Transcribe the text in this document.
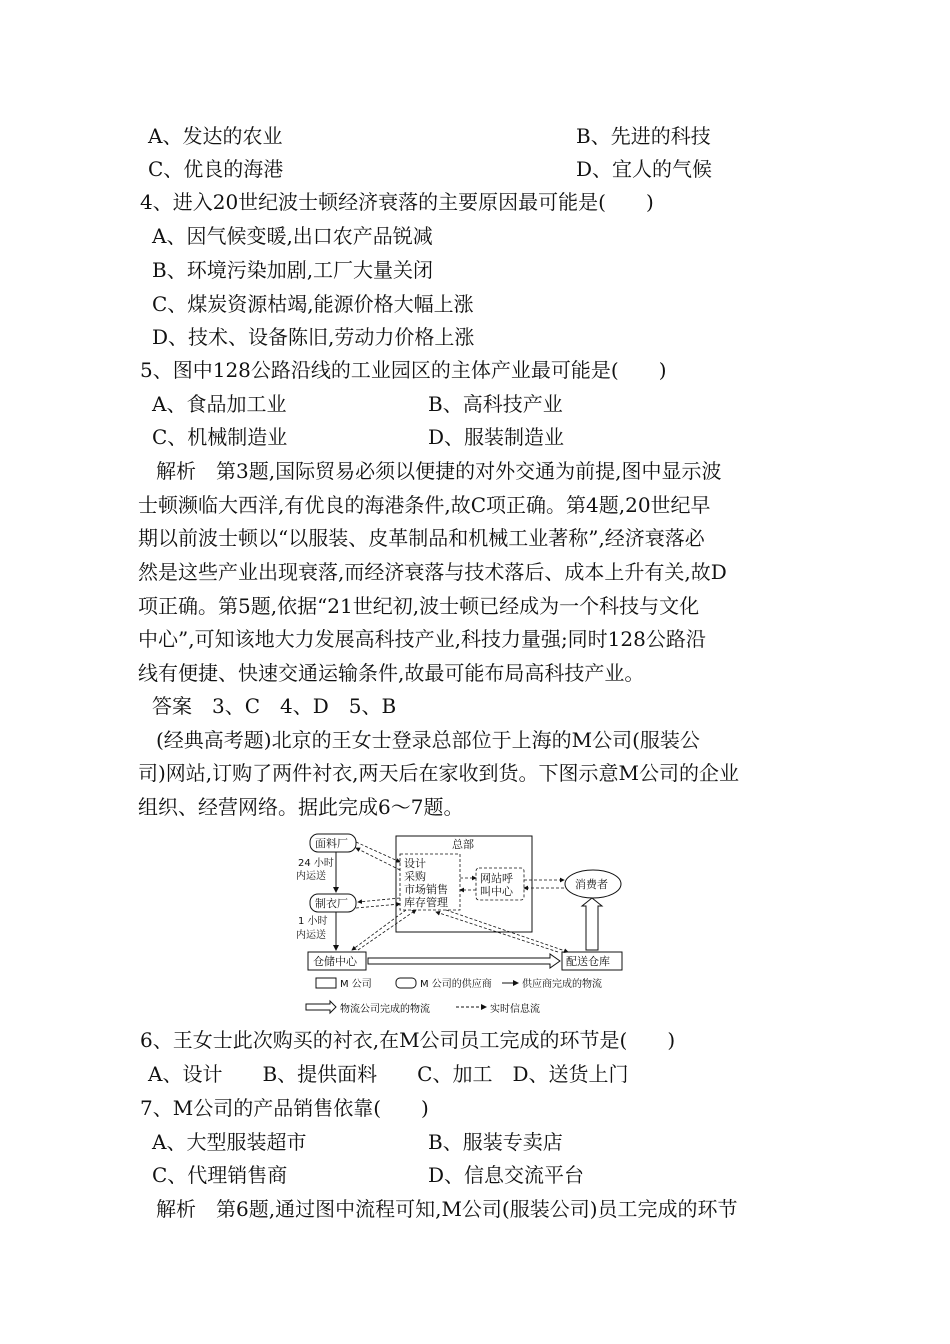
A、发达的农业	B、先进的科技
C、优良的海港	D、宜人的气候
4、进入20世纪波士顿经济衰落的主要原因最可能是(　　)
A、因气候变暖,出口农产品锐减
B、环境污染加剧,工厂大量关闭
C、煤炭资源枯竭,能源价格大幅上涨
D、技术、设备陈旧,劳动力价格上涨
5、图中128公路沿线的工业园区的主体产业最可能是(　　)
A、食品加工业	B、高科技产业
C、机械制造业	D、服装制造业
解析　第3题,国际贸易必须以便捷的对外交通为前提,图中显示波
士顿濒临大西洋,有优良的海港条件,故C项正确。第4题,20世纪早
期以前波士顿以“以服装、皮革制品和机械工业著称”,经济衰落必
然是这些产业出现衰落,而经济衰落与技术落后、成本上升有关,故D
项正确。第5题,依据“21世纪初,波士顿已经成为一个科技与文化
中心”,可知该地大力发展高科技产业,科技力量强;同时128公路沿
线有便捷、快速交通运输条件,故最可能布局高科技产业。
答案　3、C　4、D　5、B
(经典高考题)北京的王女士登录总部位于上海的M公司(服装公
司)网站,订购了两件衬衣,两天后在家收到货。下图示意M公司的企业
组织、经营网络。据此完成6～7题。
总部
设计
采购
市场销售
库存管理
网站呼
叫中心
消费者
面料厂
制衣厂
24 小时
内运送
1 小时
内运送
仓储中心	配送仓库
M 公司	M 公司的供应商	供应商完成的物流
物流公司完成的物流	实时信息流
6、王女士此次购买的衬衣,在M公司员工完成的环节是(　　)
A、设计　　B、提供面料　　C、加工　D、送货上门
7、M公司的产品销售依靠(　　)
A、大型服装超市	B、服装专卖店
C、代理销售商	D、信息交流平台
解析　第6题,通过图中流程可知,M公司(服装公司)员工完成的环节
